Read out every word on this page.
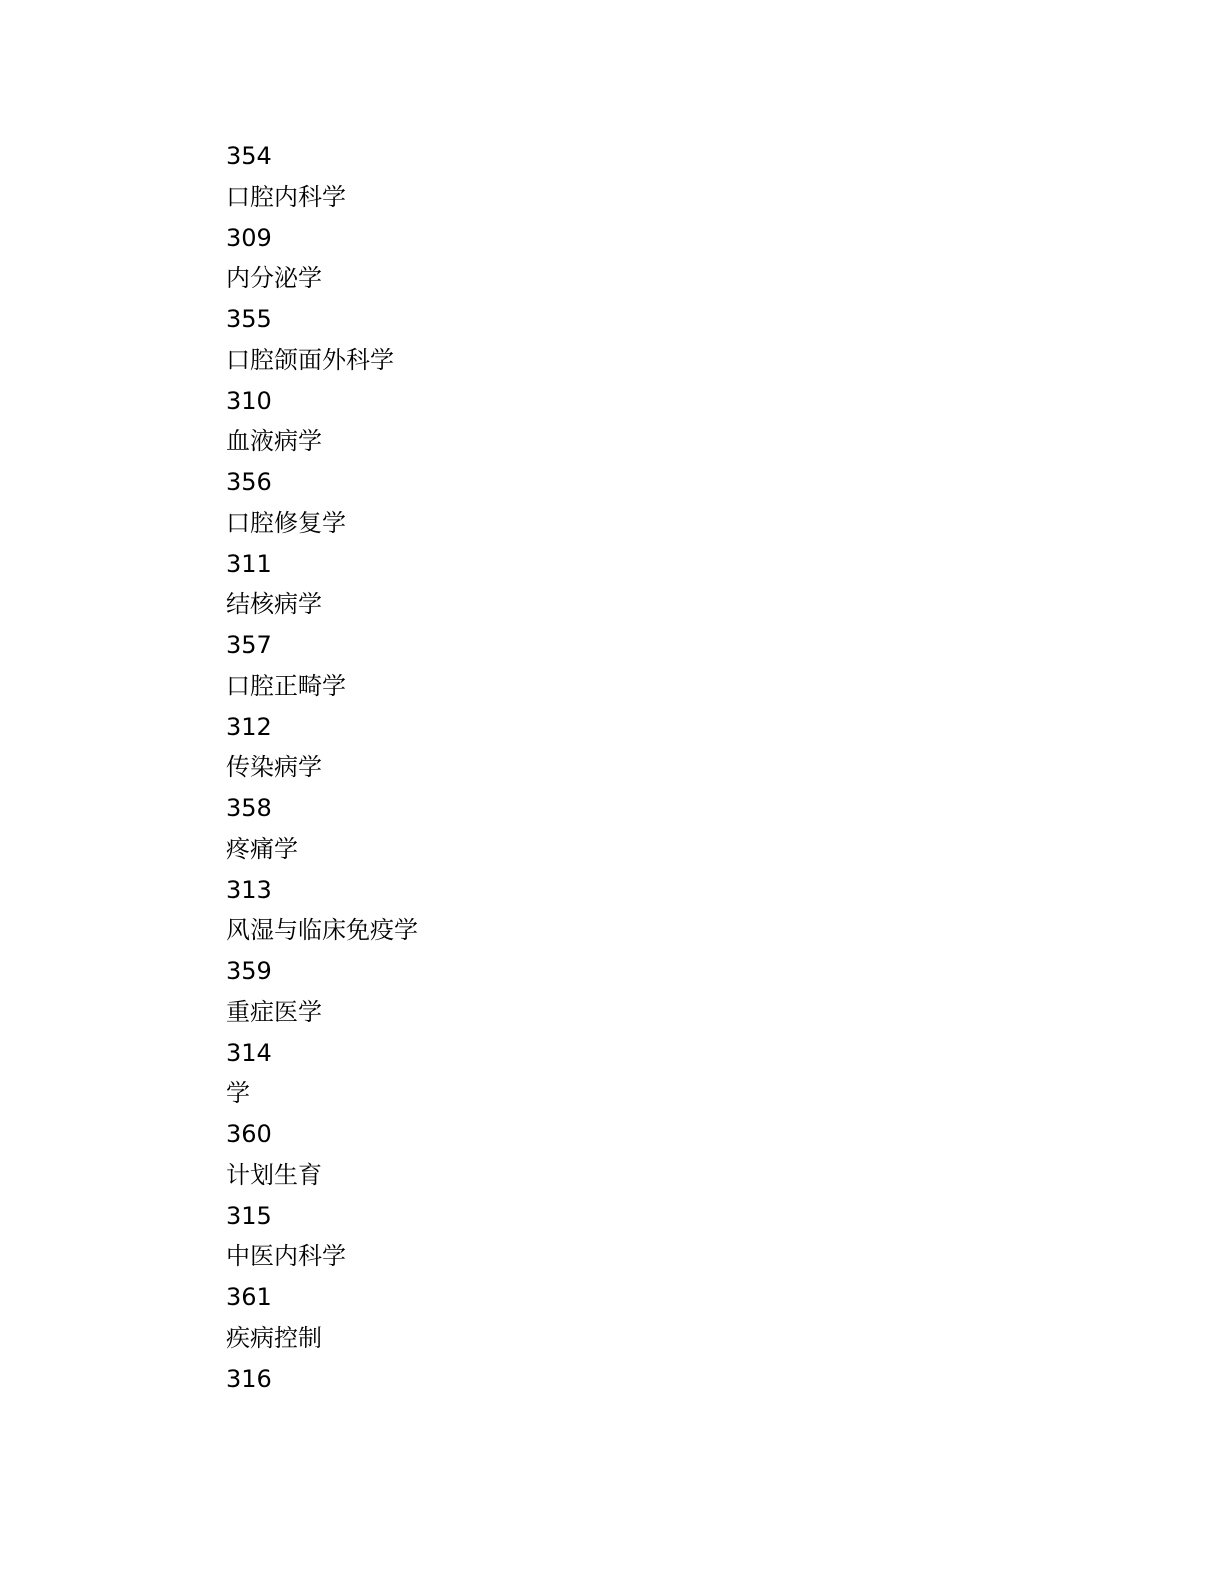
354
口腔内科学
309
内分泌学
355
口腔颌面外科学
310
血液病学
356
口腔修复学
311
结核病学
357
口腔正畸学
312
传染病学
358
疼痛学
313
风湿与临床免疫学
359
重症医学
314
学
360
计划生育
315
中医内科学
361
疾病控制
316
